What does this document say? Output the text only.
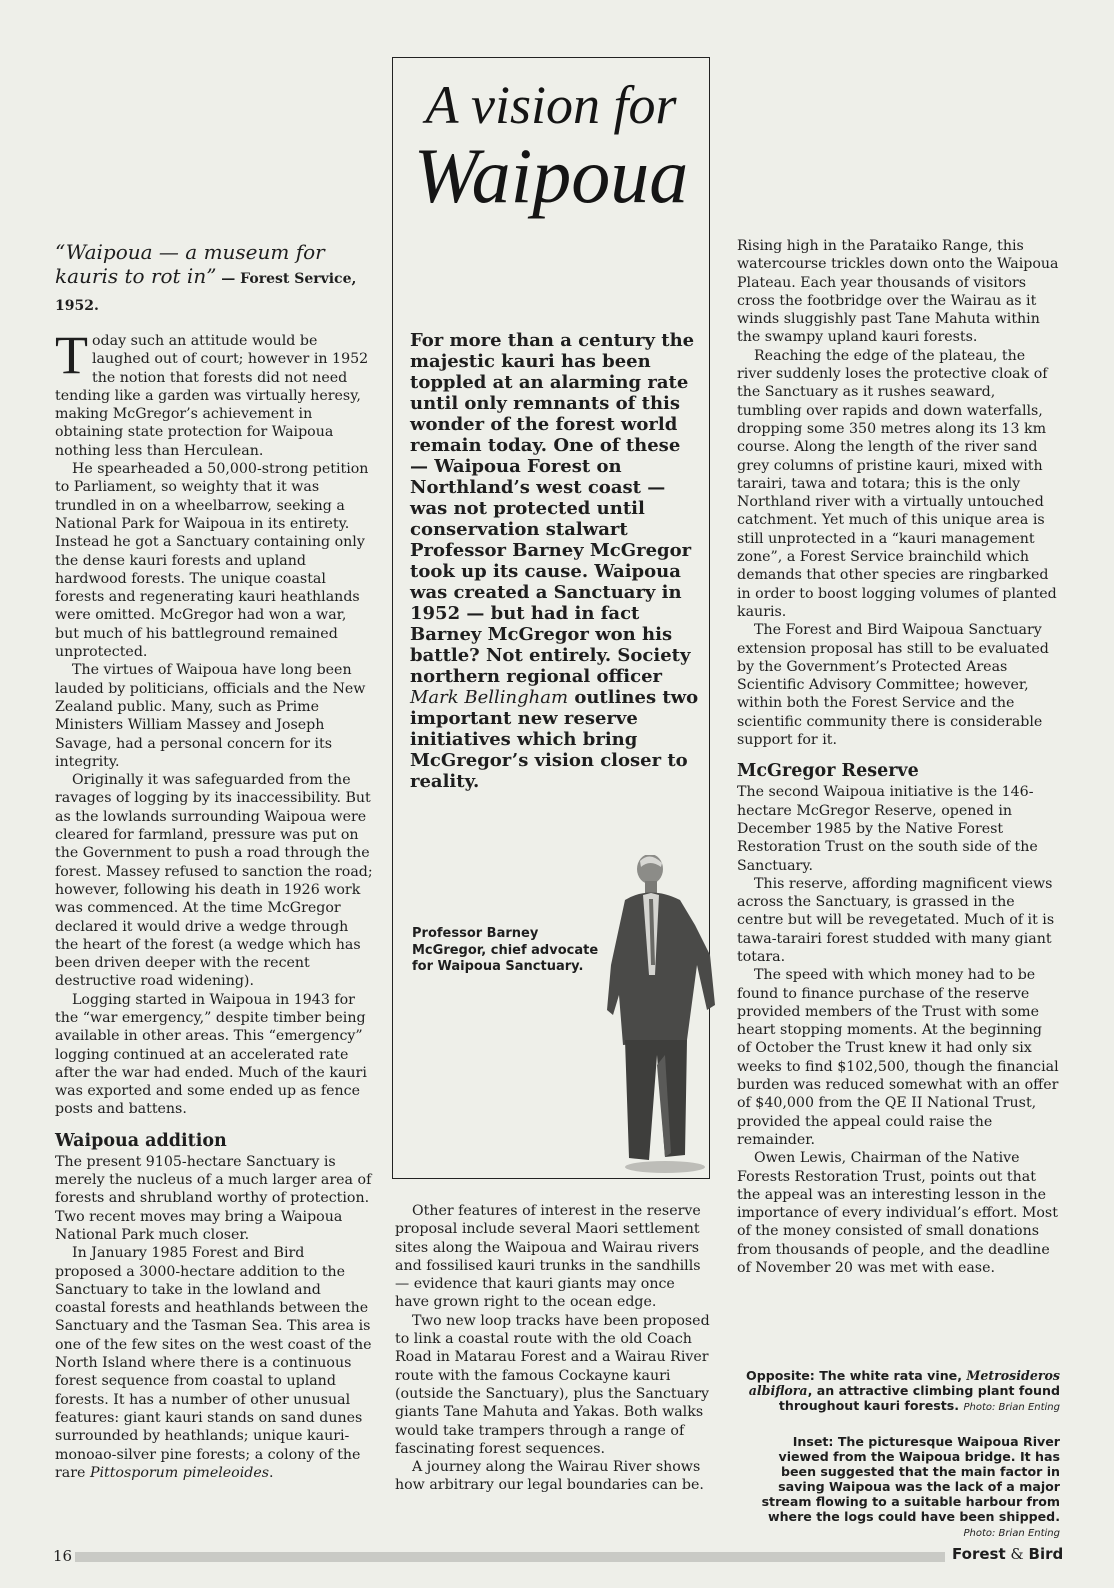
A vision for
Waipoua
“Waipoua — a museum for kauris to rot in” — Forest Service, 1952.
For more than a century the majestic kauri has been toppled at an alarming rate until only remnants of this wonder of the forest world remain today. One of these — Waipoua Forest on Northland’s west coast — was not protected until conservation stalwart Professor Barney McGregor took up its cause. Waipoua was created a Sanctuary in 1952 — but had in fact Barney McGregor won his battle? Not entirely. Society northern regional officer Mark Bellingham outlines two important new reserve initiatives which bring McGregor’s vision closer to reality.
Professor Barney McGregor, chief advocate for Waipoua Sanctuary.

Today such an attitude would be laughed out of court; however in 1952 the notion that forests did not need tending like a garden was virtually heresy, making McGregor’s achievement in obtaining state protection for Waipoua nothing less than Herculean.

He spearheaded a 50,000-strong petition to Parliament, so weighty that it was trundled in on a wheelbarrow, seeking a National Park for Waipoua in its entirety. Instead he got a Sanctuary containing only the dense kauri forests and upland hardwood forests. The unique coastal forests and regenerating kauri heathlands were omitted. McGregor had won a war, but much of his battleground remained unprotected.

The virtues of Waipoua have long been lauded by politicians, officials and the New Zealand public. Many, such as Prime Ministers William Massey and Joseph Savage, had a personal concern for its integrity.

Originally it was safeguarded from the ravages of logging by its inaccessibility. But as the lowlands surrounding Waipoua were cleared for farmland, pressure was put on the Government to push a road through the forest. Massey refused to sanction the road; however, following his death in 1926 work was commenced. At the time McGregor declared it would drive a wedge through the heart of the forest (a wedge which has been driven deeper with the recent destructive road widening).

Logging started in Waipoua in 1943 for the “war emergency,” despite timber being available in other areas. This “emergency” logging continued at an accelerated rate after the war had ended. Much of the kauri was exported and some ended up as fence posts and battens.

Waipoua addition

The present 9105-hectare Sanctuary is merely the nucleus of a much larger area of forests and shrubland worthy of protection. Two recent moves may bring a Waipoua National Park much closer.

In January 1985 Forest and Bird proposed a 3000-hectare addition to the Sanctuary to take in the lowland and coastal forests and heathlands between the Sanctuary and the Tasman Sea. This area is one of the few sites on the west coast of the North Island where there is a continuous forest sequence from coastal to upland forests. It has a number of other unusual features: giant kauri stands on sand dunes surrounded by heathlands; unique kauri-monoao-silver pine forests; a colony of the rare Pittosporum pimeleoides.

Other features of interest in the reserve proposal include several Maori settlement sites along the Waipoua and Wairau rivers and fossilised kauri trunks in the sandhills — evidence that kauri giants may once have grown right to the ocean edge.

Two new loop tracks have been proposed to link a coastal route with the old Coach Road in Matarau Forest and a Wairau River route with the famous Cockayne kauri (outside the Sanctuary), plus the Sanctuary giants Tane Mahuta and Yakas. Both walks would take trampers through a range of fascinating forest sequences.

A journey along the Wairau River shows how arbitrary our legal boundaries can be.

Rising high in the Parataiko Range, this watercourse trickles down onto the Waipoua Plateau. Each year thousands of visitors cross the footbridge over the Wairau as it winds sluggishly past Tane Mahuta within the swampy upland kauri forests.

Reaching the edge of the plateau, the river suddenly loses the protective cloak of the Sanctuary as it rushes seaward, tumbling over rapids and down waterfalls, dropping some 350 metres along its 13 km course. Along the length of the river sand grey columns of pristine kauri, mixed with tarairi, tawa and totara; this is the only Northland river with a virtually untouched catchment. Yet much of this unique area is still unprotected in a “kauri management zone”, a Forest Service brainchild which demands that other species are ringbarked in order to boost logging volumes of planted kauris.

The Forest and Bird Waipoua Sanctuary extension proposal has still to be evaluated by the Government’s Protected Areas Scientific Advisory Committee; however, within both the Forest Service and the scientific community there is considerable support for it.

McGregor Reserve

The second Waipoua initiative is the 146-hectare McGregor Reserve, opened in December 1985 by the Native Forest Restoration Trust on the south side of the Sanctuary.

This reserve, affording magnificent views across the Sanctuary, is grassed in the centre but will be revegetated. Much of it is tawa-tarairi forest studded with many giant totara.

The speed with which money had to be found to finance purchase of the reserve provided members of the Trust with some heart stopping moments. At the beginning of October the Trust knew it had only six weeks to find $102,500, though the financial burden was reduced somewhat with an offer of $40,000 from the QE II National Trust, provided the appeal could raise the remainder.

Owen Lewis, Chairman of the Native Forests Restoration Trust, points out that the appeal was an interesting lesson in the importance of every individual’s effort. Most of the money consisted of small donations from thousands of people, and the deadline of November 20 was met with ease.

Opposite: The white rata vine, Metrosideros albiflora, an attractive climbing plant found throughout kauri forests. Photo: Brian Enting
Inset: The picturesque Waipoua River viewed from the Waipoua bridge. It has been suggested that the main factor in saving Waipoua was the lack of a major stream flowing to a suitable harbour from where the logs could have been shipped. Photo: Brian Enting
16	Forest & Bird
